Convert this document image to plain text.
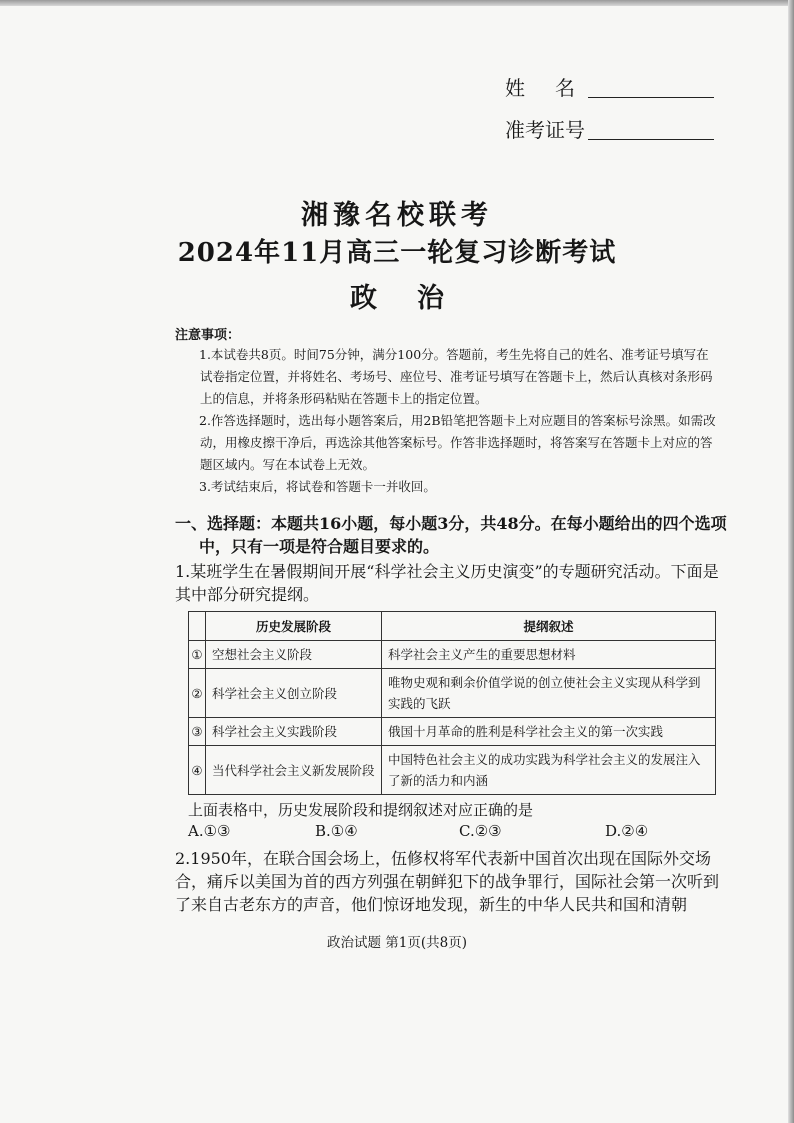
姓名
准考证号
湘豫名校联考
2024年11月高三一轮复习诊断考试
政治
注意事项：
1.本试卷共8页。时间75分钟，满分100分。答题前，考生先将自己的姓名、准考证号填写在试卷指定位置，并将姓名、考场号、座位号、准考证号填写在答题卡上，然后认真核对条形码上的信息，并将条形码粘贴在答题卡上的指定位置。
2.作答选择题时，选出每小题答案后，用2B铅笔把答题卡上对应题目的答案标号涂黑。如需改动，用橡皮擦干净后，再选涂其他答案标号。作答非选择题时，将答案写在答题卡上对应的答题区域内。写在本试卷上无效。
3.考试结束后，将试卷和答题卡一并收回。
一、选择题：本题共16小题，每小题3分，共48分。在每小题给出的四个选项
中，只有一项是符合题目要求的。
1.某班学生在暑假期间开展“科学社会主义历史演变”的专题研究活动。下面是其中部分研究提纲。
	历史发展阶段	提纲叙述
①	空想社会主义阶段	科学社会主义产生的重要思想材料
②	科学社会主义创立阶段	唯物史观和剩余价值学说的创立使社会主义实现从科学到实践的飞跃
③	科学社会主义实践阶段	俄国十月革命的胜利是科学社会主义的第一次实践
④	当代科学社会主义新发展阶段	中国特色社会主义的成功实践为科学社会主义的发展注入了新的活力和内涵
上面表格中，历史发展阶段和提纲叙述对应正确的是
A.①③	B.①④	C.②③	D.②④
2.1950年，在联合国会场上，伍修权将军代表新中国首次出现在国际外交场合，痛斥以美国为首的西方列强在朝鲜犯下的战争罪行，国际社会第一次听到了来自古老东方的声音，他们惊讶地发现，新生的中华人民共和国和清朝
政治试题 第1页(共8页)
